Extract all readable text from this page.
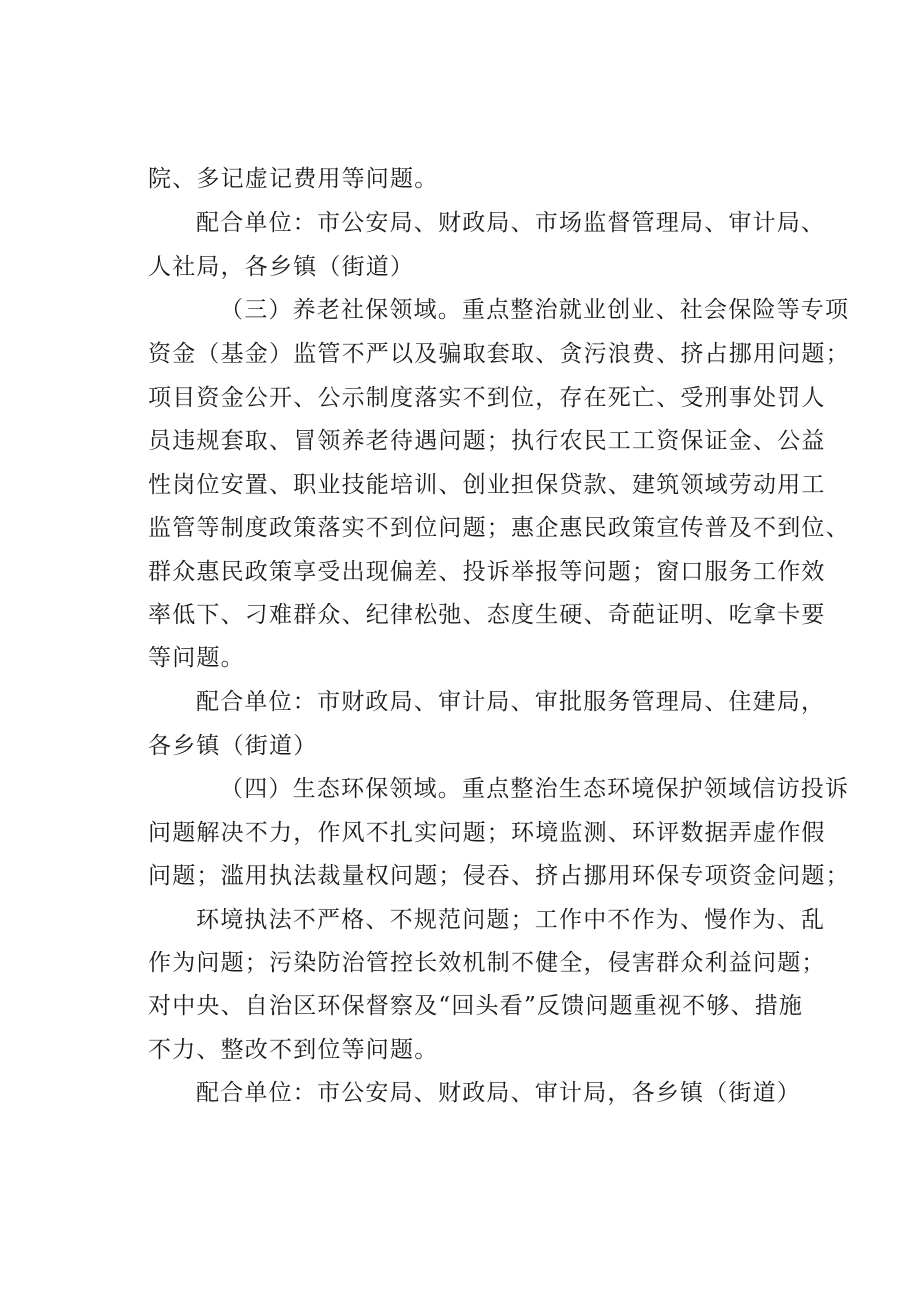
院、多记虚记费用等问题。
配合单位：市公安局、财政局、市场监督管理局、审计局、
人社局，各乡镇（街道）
（三）养老社保领域。重点整治就业创业、社会保险等专项
资金（基金）监管不严以及骗取套取、贪污浪费、挤占挪用问题；
项目资金公开、公示制度落实不到位，存在死亡、受刑事处罚人
员违规套取、冒领养老待遇问题；执行农民工工资保证金、公益
性岗位安置、职业技能培训、创业担保贷款、建筑领域劳动用工
监管等制度政策落实不到位问题；惠企惠民政策宣传普及不到位、
群众惠民政策享受出现偏差、投诉举报等问题；窗口服务工作效
率低下、刁难群众、纪律松弛、态度生硬、奇葩证明、吃拿卡要
等问题。
配合单位：市财政局、审计局、审批服务管理局、住建局，
各乡镇（街道）
（四）生态环保领域。重点整治生态环境保护领域信访投诉
问题解决不力，作风不扎实问题；环境监测、环评数据弄虚作假
问题；滥用执法裁量权问题；侵吞、挤占挪用环保专项资金问题；
环境执法不严格、不规范问题；工作中不作为、慢作为、乱
作为问题；污染防治管控长效机制不健全，侵害群众利益问题；
对中央、自治区环保督察及“回头看”反馈问题重视不够、措施
不力、整改不到位等问题。
配合单位：市公安局、财政局、审计局，各乡镇（街道）
